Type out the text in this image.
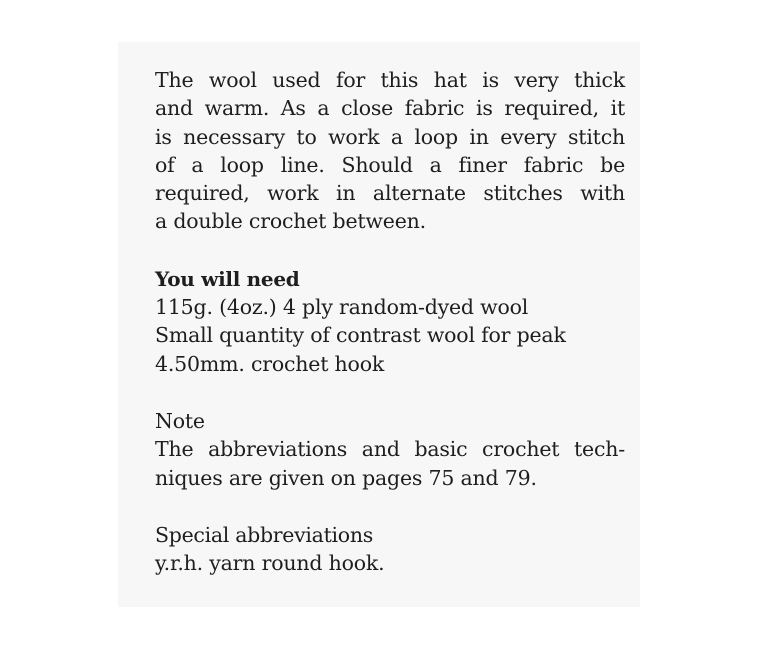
The wool used for this hat is very thick
and warm. As a close fabric is required, it
is necessary to work a loop in every stitch
of a loop line. Should a finer fabric be
required, work in alternate stitches with
a double crochet between.
You will need
115g. (4oz.) 4 ply random-dyed wool
Small quantity of contrast wool for peak
4.50mm. crochet hook
Note
The abbreviations and basic crochet tech-
niques are given on pages 75 and 79.
Special abbreviations
y.r.h. yarn round hook.
